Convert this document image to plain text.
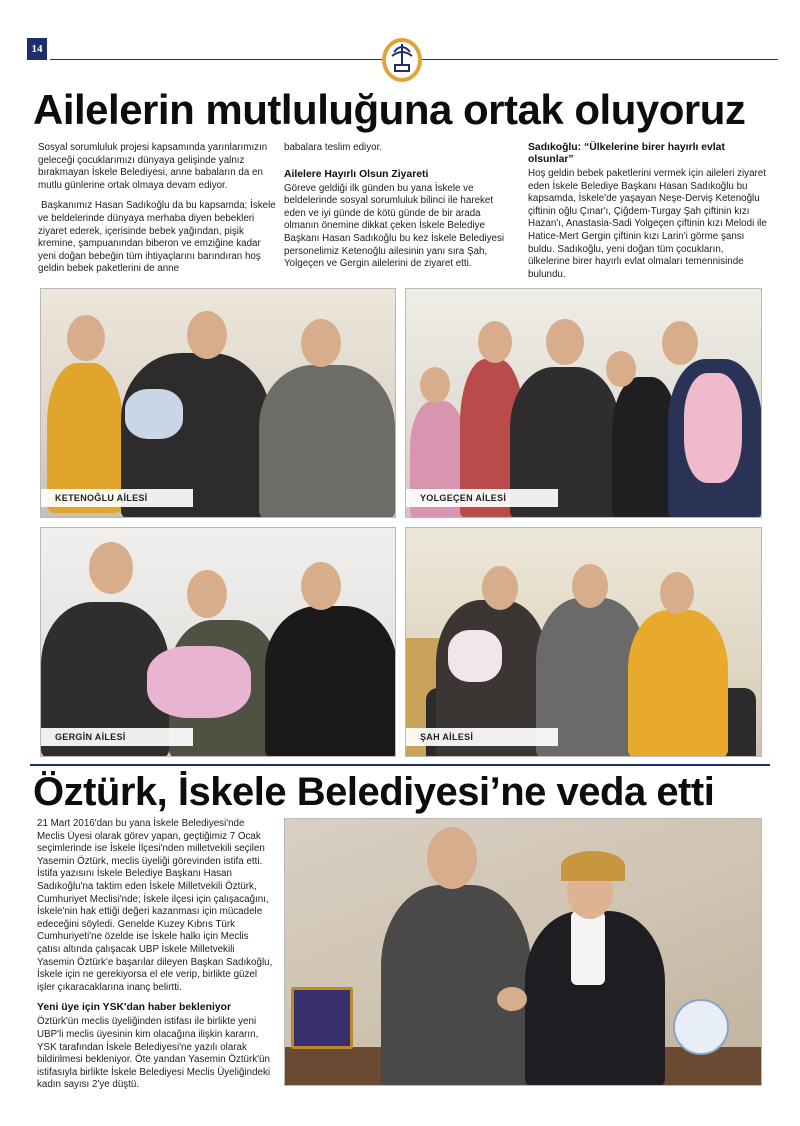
14
Ailelerin mutluluğuna ortak oluyoruz

Sosyal sorumluluk projesi kapsamında yarınlarımızın geleceği çocuklarımızı dünyaya gelişinde yalnız bırakmayan İskele Belediyesi, anne babaların da en mutlu günlerine ortak olmaya devam ediyor.

Başkanımız Hasan Sadıkoğlu da bu kapsamda; İskele ve beldelerinde dünyaya merhaba diyen bebekleri ziyaret ederek, içerisinde bebek yağından, pişik kremine, şampuanından biberon ve emziğine kadar yeni doğan bebeğin tüm ihtiyaçlarını barındıran hoş geldin bebek paketlerini de anne

babalara teslim ediyor.

Ailelere Hayırlı Olsun Ziyareti

Göreve geldiği ilk günden bu yana İskele ve beldelerinde sosyal sorumluluk bilinci ile hareket eden ve iyi günde de kötü günde de bir arada olmanın önemine dikkat çeken İskele Belediye Başkanı Hasan Sadıkoğlu bu kez İskele Belediyesi personelimiz Ketenoğlu ailesinin yanı sıra Şah, Yolgeçen ve Gergin ailelerini de ziyaret etti.

Sadıkoğlu: “Ülkelerine birer hayırlı evlat olsunlar”

Hoş geldin bebek paketlerini vermek için aileleri ziyaret eden İskele Belediye Başkanı Hasan Sadıkoğlu bu kapsamda, İskele'de yaşayan Neşe-Derviş Ketenoğlu çiftinin oğlu Çınar'ı, Çiğdem-Turgay Şah çiftinin kızı Hazan'ı, Anastasia-Sadi Yolgeçen çiftinin kızı Melodi ile Hatice-Mert Gergin çiftinin kızı Larin'i görme şansı buldu. Sadıkoğlu, yeni doğan tüm çocukların, ülkelerine birer hayırlı evlat olmaları temennisinde bulundu.

KETENOĞLU AİLESİ	YOLGEÇEN AİLESİ
GERGİN AİLESİ	ŞAH AİLESİ
Öztürk, İskele Belediyesi’ne veda etti

21 Mart 2016'dan bu yana İskele Belediyesi'nde Meclis Üyesi olarak görev yapan, geçtiğimiz 7 Ocak seçimlerinde ise İskele İlçesi'nden milletvekili seçilen Yasemin Öztürk, meclis üyeliği görevinden istifa etti. İstifa yazısını İskele Belediye Başkanı Hasan Sadıkoğlu'na taktim eden İskele Milletvekili Öztürk, Cumhuriyet Meclisi'nde; İskele ilçesi için çalışacağını, İskele'nin hak ettiği değeri kazanması için mücadele edeceğini söyledi. Genelde Kuzey Kıbrıs Türk Cumhuriyeti'ne özelde ise İskele halkı için Meclis çatısı altında çalışacak UBP İskele Milletvekili Yasemin Öztürk'e başarılar dileyen Başkan Sadıkoğlu, İskele için ne gerekiyorsa el ele verip, birlikte güzel işler çıkaracaklarına inanç belirtti.

Yeni üye için YSK'dan haber bekleniyor

Öztürk'ün meclis üyeliğinden istifası ile birlikte yeni UBP'li meclis üyesinin kim olacağına ilişkin kararın, YSK tarafından İskele Belediyesi'ne yazılı olarak bildirilmesi bekleniyor. Öte yandan Yasemin Öztürk'ün istifasıyla birlikte İskele Belediyesi Meclis Üyeliğindeki kadın sayısı 2'ye düştü.
